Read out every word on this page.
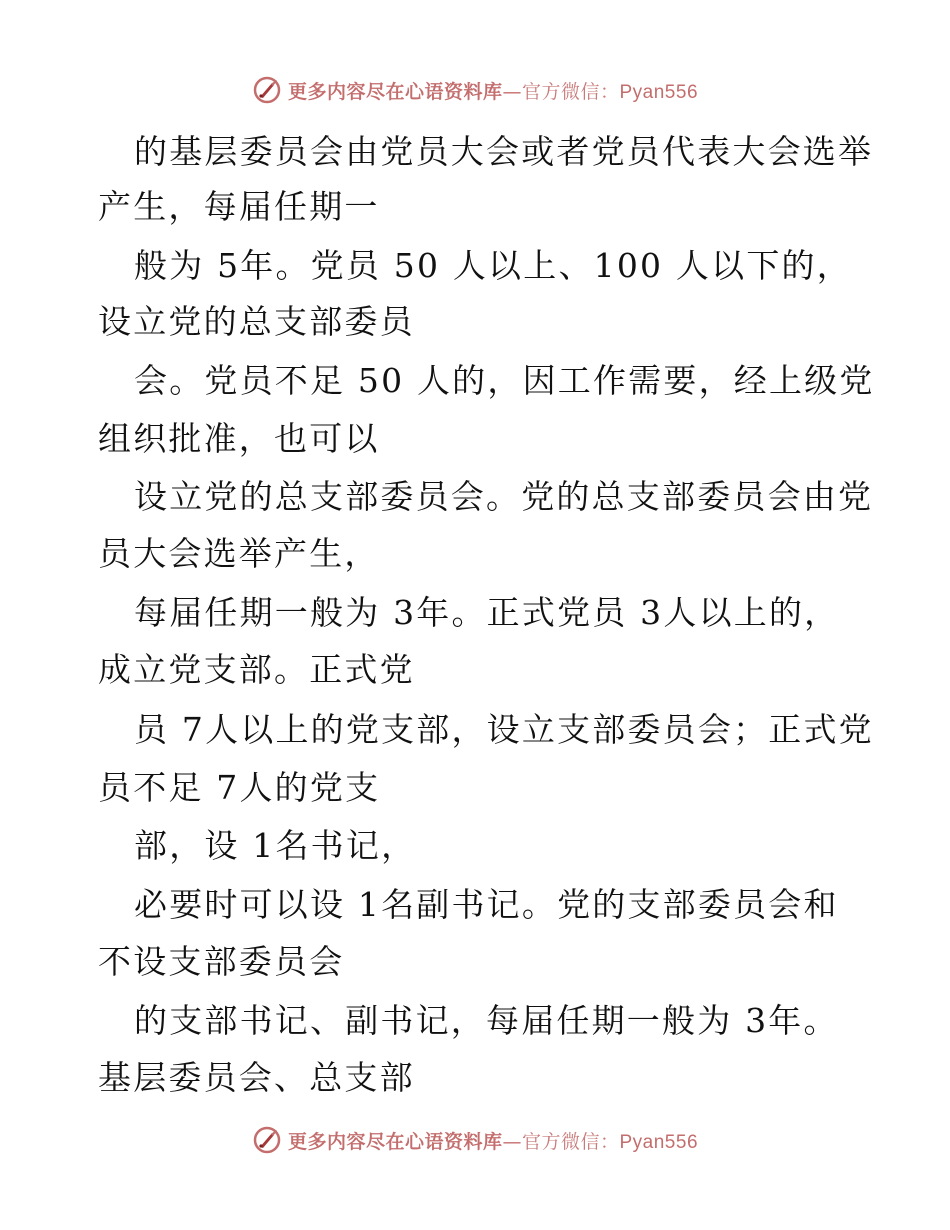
更多内容尽在心语资料库—官方微信：Pyan556
的基层委员会由党员大会或者党员代表大会选举
产生，每届任期一
般为 5年。党员 50 人以上、100 人以下的，
设立党的总支部委员
会。党员不足 50 人的，因工作需要，经上级党
组织批准，也可以
设立党的总支部委员会。党的总支部委员会由党
员大会选举产生，
每届任期一般为 3年。正式党员 3人以上的，
成立党支部。正式党
员 7人以上的党支部，设立支部委员会；正式党
员不足 7人的党支
部，设 1名书记，
必要时可以设 1名副书记。党的支部委员会和
不设支部委员会
的支部书记、副书记，每届任期一般为 3年。
基层委员会、总支部
更多内容尽在心语资料库—官方微信：Pyan556
